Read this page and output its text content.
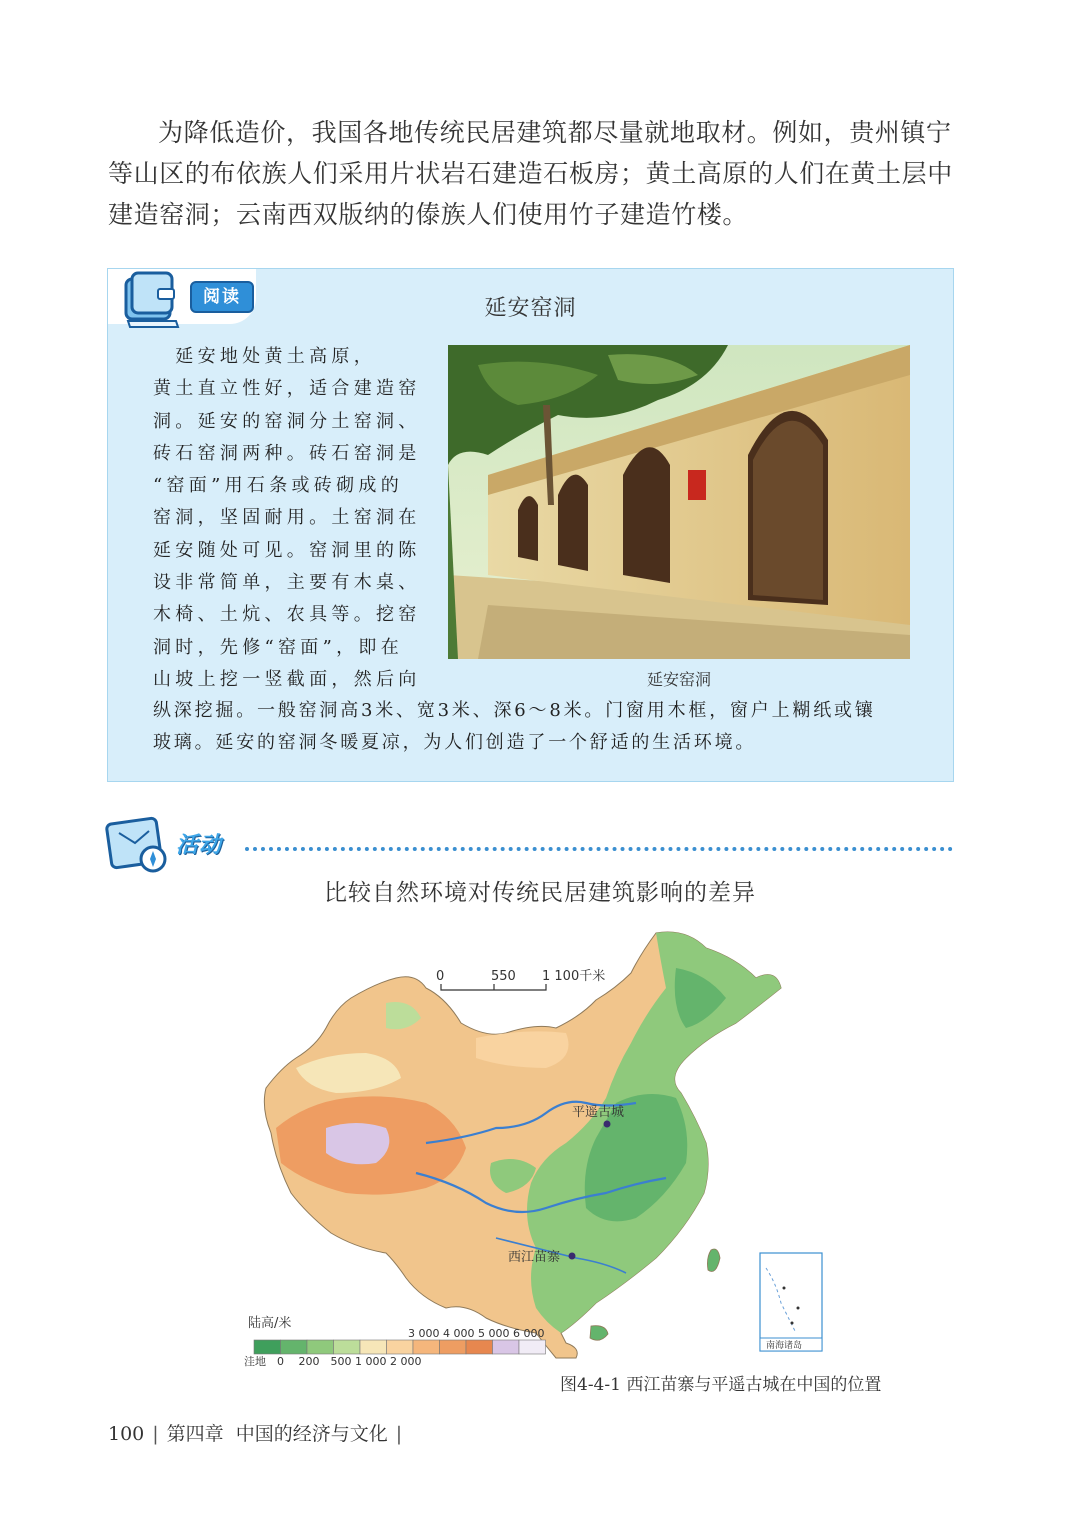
为降低造价，我国各地传统民居建筑都尽量就地取材。例如，贵州镇宁等山区的布依族人们采用片状岩石建造石板房；黄土高原的人们在黄土层中建造窑洞；云南西双版纳的傣族人们使用竹子建造竹楼。

阅读	延安窑洞
　延安地处黄土高原，
黄土直立性好，适合建造窑
洞。延安的窑洞分土窑洞、
砖石窑洞两种。砖石窑洞是
“窑面”用石条或砖砌成的
窑洞，坚固耐用。土窑洞在
延安随处可见。窑洞里的陈
设非常简单，主要有木桌、
木椅、土炕、农具等。挖窑
洞时，先修“窑面”，即在
山坡上挖一竖截面，然后向	延安窑洞
纵深挖掘。一般窑洞高3米、宽3米、深6～8米。门窗用木框，窗户上糊纸或镶
玻璃。延安的窑洞冬暖夏凉，为人们创造了一个舒适的生活环境。
活动
比较自然环境对传统民居建筑影响的差异
0	550 1 100千米
平遥古城
西江苗寨
南海诸岛
陆高/米
3 000 4 000 5 000 6 000
洼地　0　 200　500 1 000 2 000
图4-4-1 西江苗寨与平遥古城在中国的位置
100 | 第四章 中国的经济与文化 |
